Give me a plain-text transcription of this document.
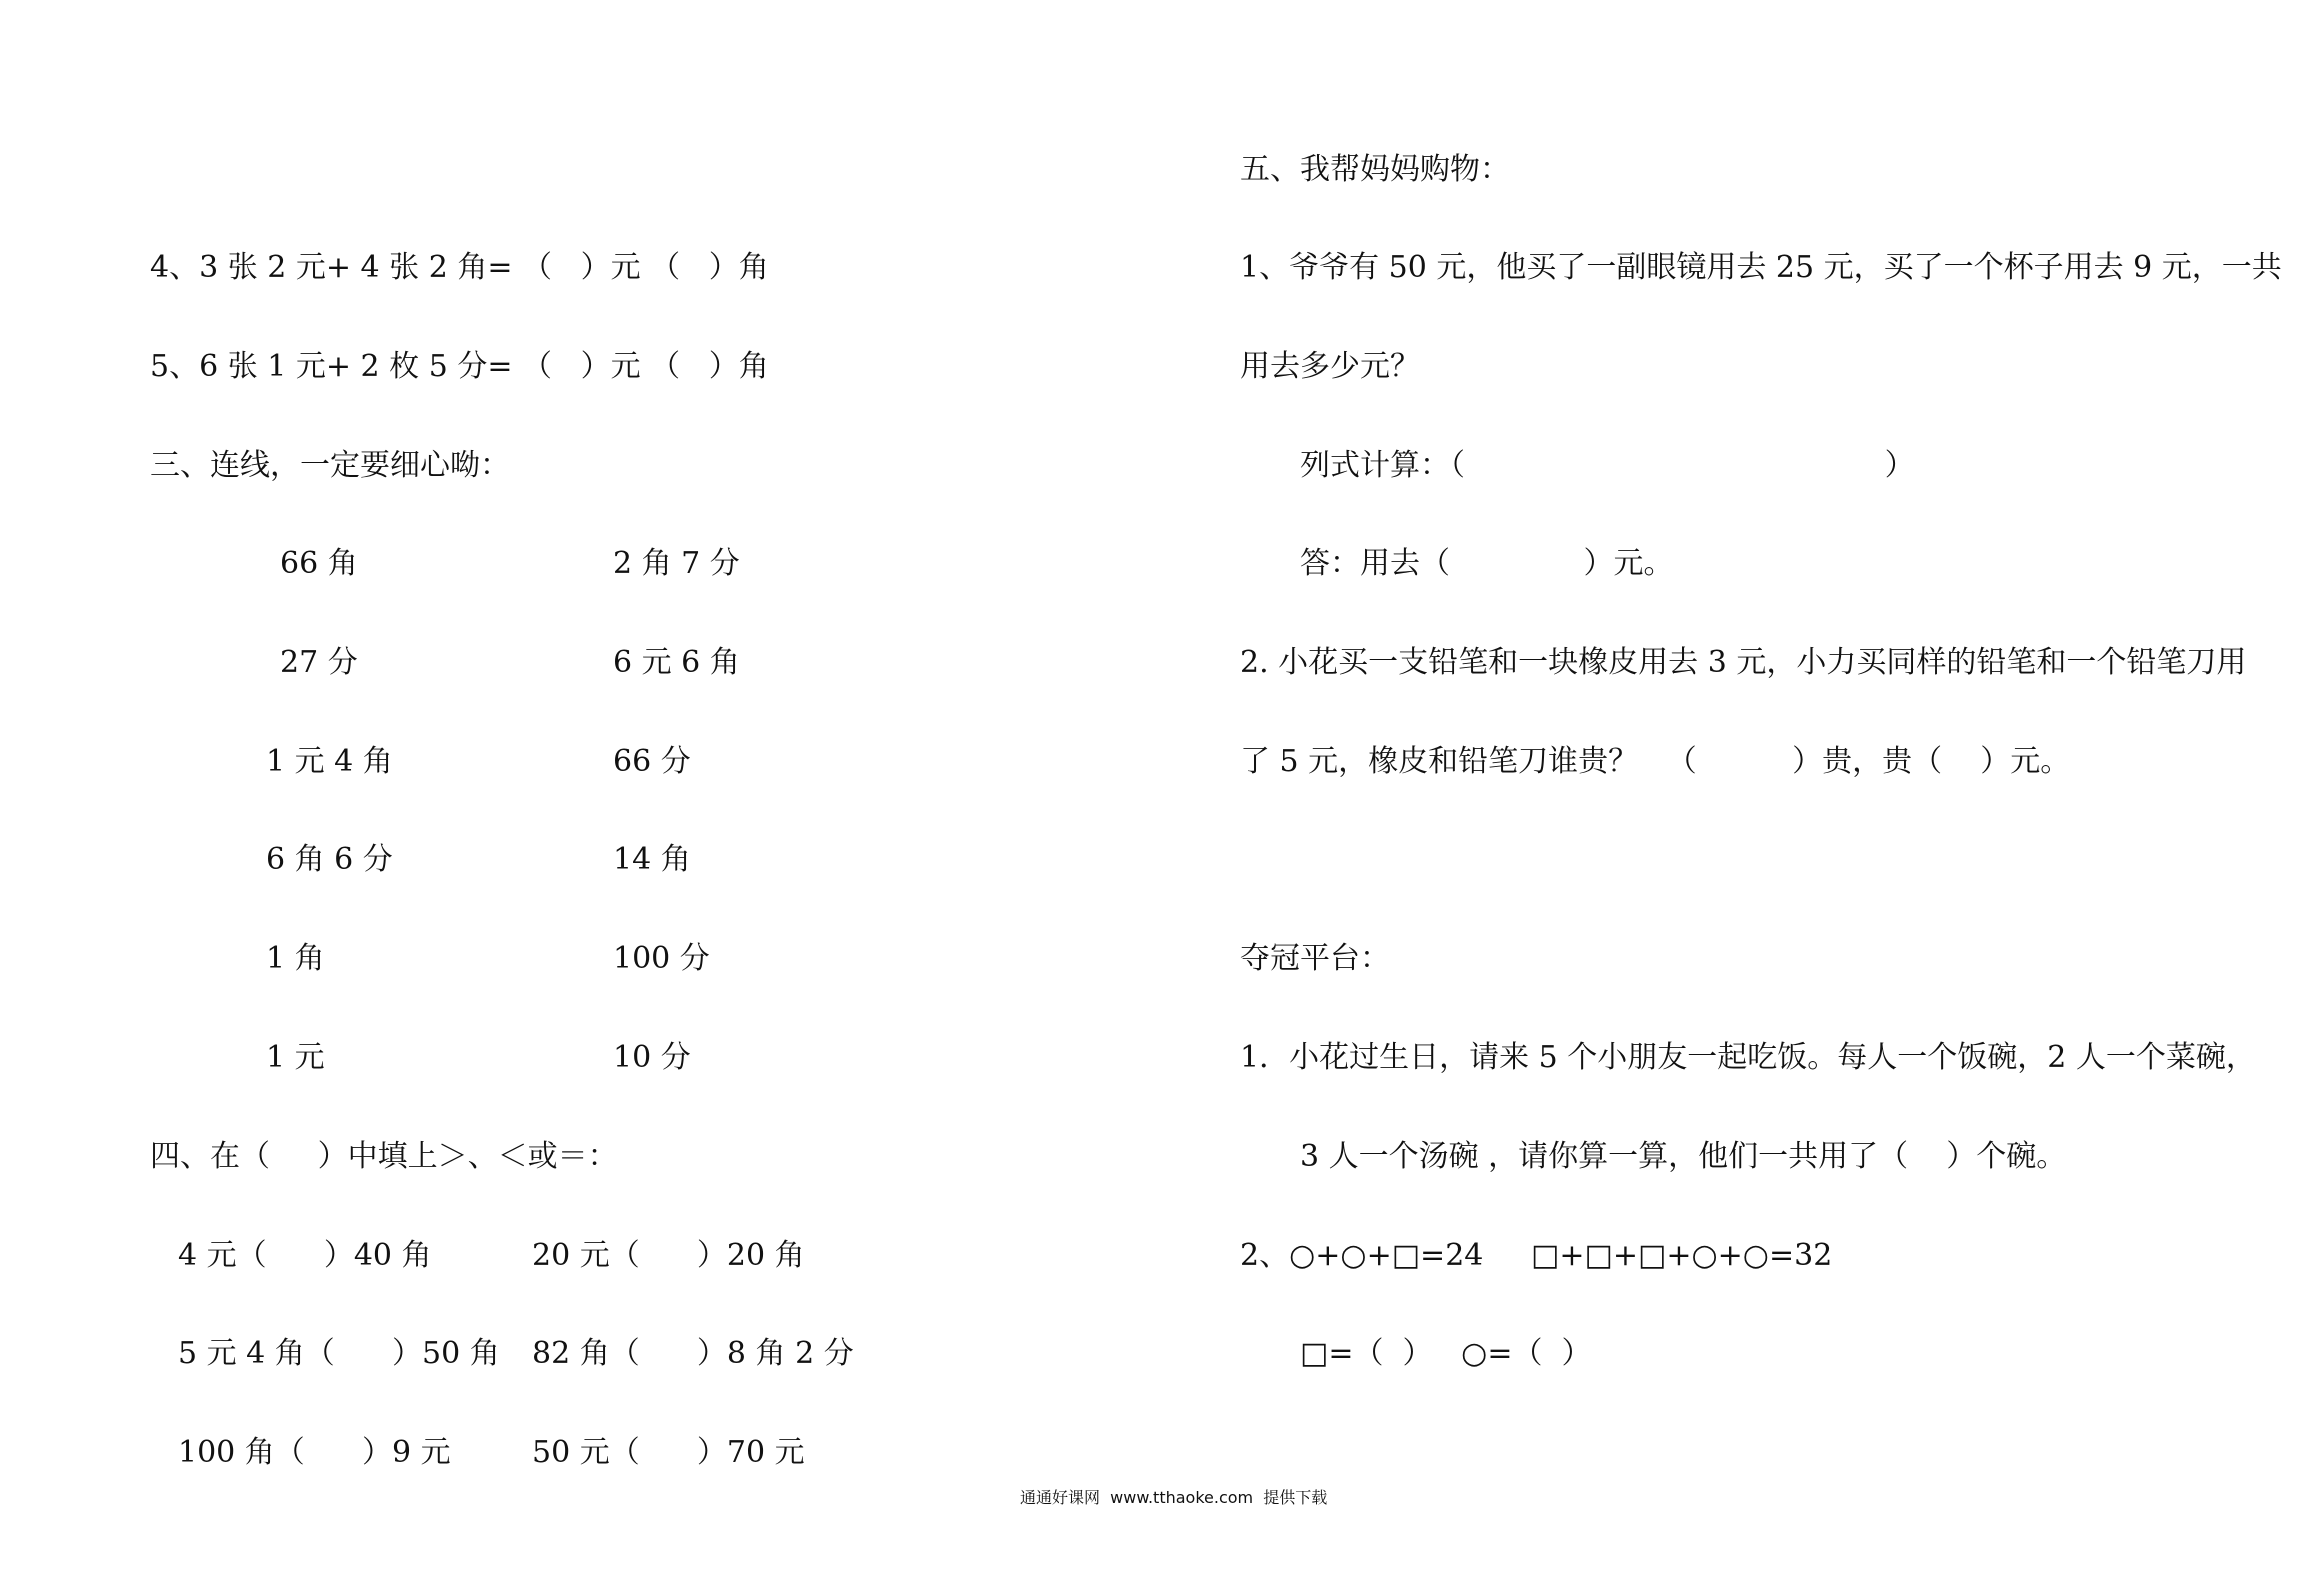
4、3 张 2 元+ 4 张 2 角= （   ）元 （   ）角
5、6 张 1 元+ 2 枚 5 分= （   ）元 （   ）角
三、连线，一定要细心呦：
66 角
27 分
1 元 4 角
6 角 6 分
1 角
1 元
2 角 7 分
6 元 6 角
66 分
14 角
100 分
10 分
四、在（     ）中填上＞、＜或＝：
4 元（      ）40 角
5 元 4 角（      ）50 角
100 角（      ）9 元
20 元（      ）20 角
82 角（      ）8 角 2 分
50 元（      ）70 元
五、我帮妈妈购物：
1、爷爷有 50 元，他买了一副眼镜用去 25 元，买了一个杯子用去 9 元，一共
用去多少元？
列式计算：（                                            ）
答：用去（              ）元。
2. 小花买一支铅笔和一块橡皮用去 3 元，小力买同样的铅笔和一个铅笔刀用
了 5 元，橡皮和铅笔刀谁贵？   （          ）贵，贵（    ）元。
夺冠平台：
1．小花过生日，请来 5 个小朋友一起吃饭。每人一个饭碗，2 人一个菜碗，
3 人一个汤碗 ，请你算一算，他们一共用了（    ）个碗。
2、○+○+□=24     □+□+□+○+○=32
□=（  ）   ○=（  ）
通通好课网  www.tthaoke.com  提供下载
